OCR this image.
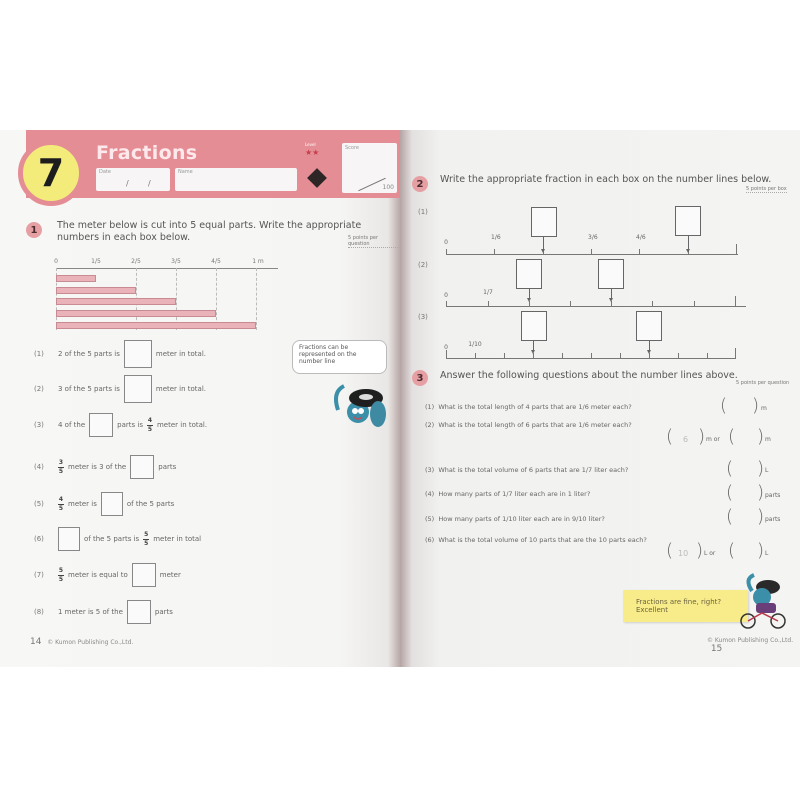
7	Fractions
Date
/ /
Name
Level
★★	Score
100
1	The meter below is cut into 5 equal parts. Write the appropriate numbers in each box below.	5 points per question
0	1/5	2/5	3/5	4/5	1 m
(1)	2 of the 5 parts is	meter in total.
(2)	3 of the 5 parts is	meter in total.
(3)	4 of the	parts is $\frac{4}{5}$ meter in total.
(4)	$\frac{3}{5}$ meter is 3 of the	parts
(5)	$\frac{4}{5}$ meter is	of the 5 parts
(6)	of the 5 parts is $\frac{5}{5}$ meter in total
(7)	$\frac{5}{5}$ meter is equal to	meter
(8)	1 meter is 5 of the	parts
Fractions can be represented on the number line
14 © Kumon Publishing Co.,Ltd.
2	Write the appropriate fraction in each box on the number lines below.
5 points per box
(1)
0
1/6	3/6	4/6
(2)
0	1/7
(3)
0	1/10
3	Answer the following questions about the number lines above.
5 points per question
(1) What is the total length of 4 parts that are 1/6 meter each?	( ) m
(2) What is the total length of 6 parts that are 1/6 meter each?
( 6 ) m or ( ) m
(3) What is the total volume of 6 parts that are 1/7 liter each?	( ) L
(4) How many parts of 1/7 liter each are in 1 liter?	( ) parts
(5) How many parts of 1/10 liter each are in 9/10 liter?	( ) parts
(6) What is the total volume of 10 parts that are the 10 parts each? ( 10 ) L or ( ) L
Fractions are fine, right? Excellent
© Kumon Publishing Co.,Ltd.   15
